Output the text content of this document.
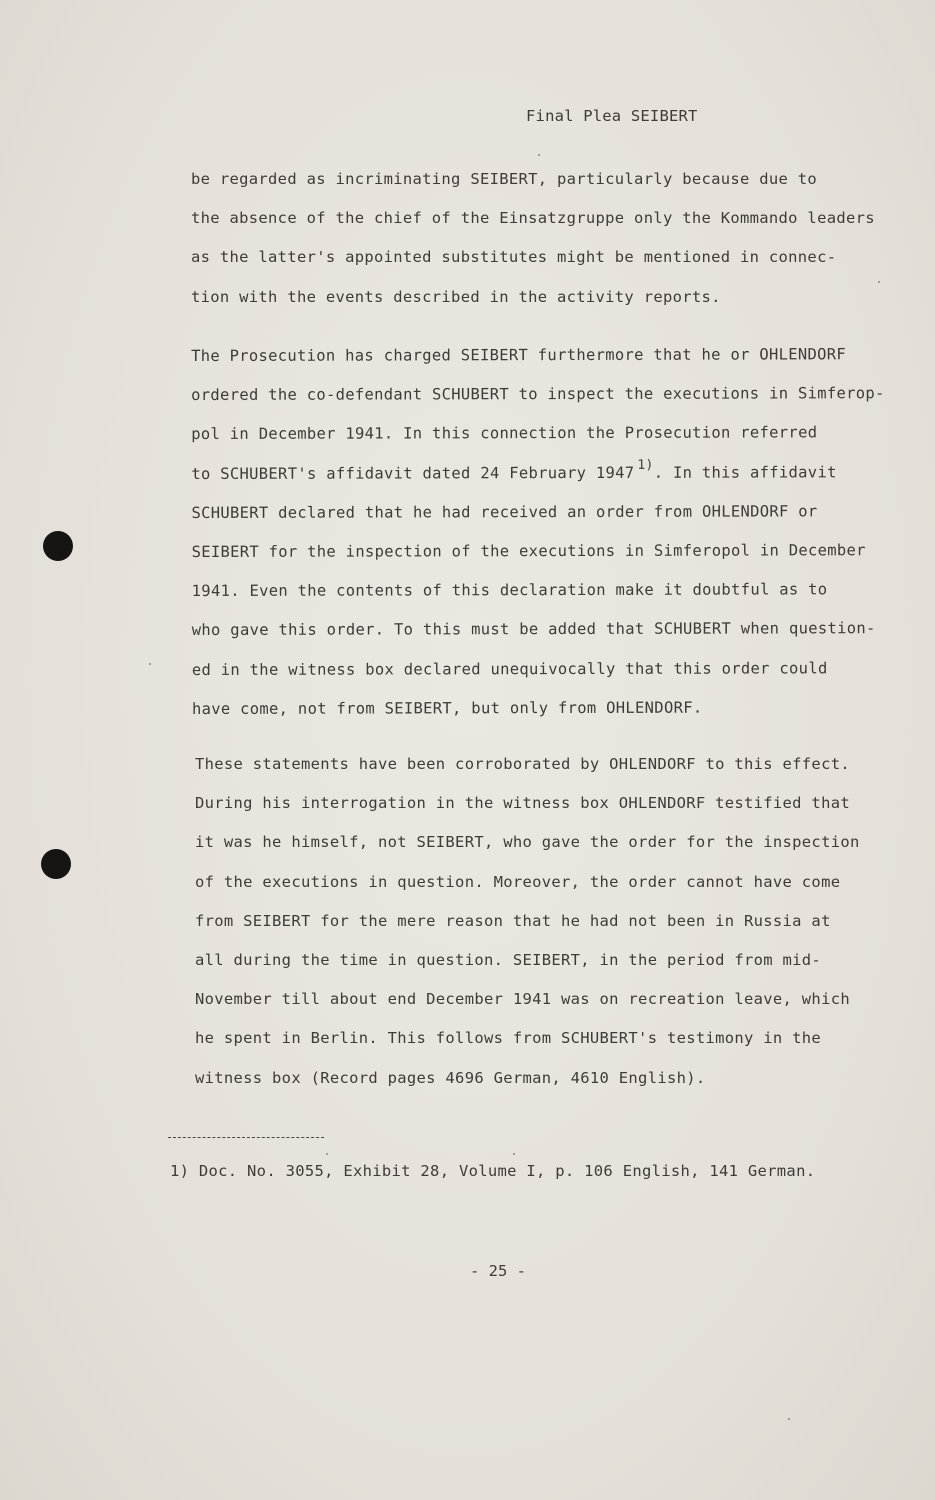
Final Plea SEIBERT
be regarded as incriminating SEIBERT, particularly because due to
the absence of the chief of the Einsatzgruppe only the Kommando leaders
as the latter's appointed substitutes might be mentioned in connec-
tion with the events described in the activity reports.
The Prosecution has charged SEIBERT furthermore that he or OHLENDORF
ordered the co-defendant SCHUBERT to inspect the executions in Simferop-
pol in December 1941. In this connection the Prosecution referred
to SCHUBERT's affidavit dated 24 February 1947 $^{1)}$. In this affidavit
SCHUBERT declared that he had received an order from OHLENDORF or
SEIBERT for the inspection of the executions in Simferopol in December
1941. Even the contents of this declaration make it doubtful as to
who gave this order. To this must be added that SCHUBERT when question-
ed in the witness box declared unequivocally that this order could
have come, not from SEIBERT, but only from OHLENDORF.
These statements have been corroborated by OHLENDORF to this effect.
During his interrogation in the witness box OHLENDORF testified that
it was he himself, not SEIBERT, who gave the order for the inspection
of the executions in question. Moreover, the order cannot have come
from SEIBERT for the mere reason that he had not been in Russia at
all during the time in question. SEIBERT, in the period from mid-
November till about end December 1941 was on recreation leave, which
he spent in Berlin. This follows from SCHUBERT's testimony in the
witness box (Record pages 4696 German, 4610 English).
1) Doc. No. 3055, Exhibit 28, Volume I, p. 106 English, 141 German.
- 25 -
